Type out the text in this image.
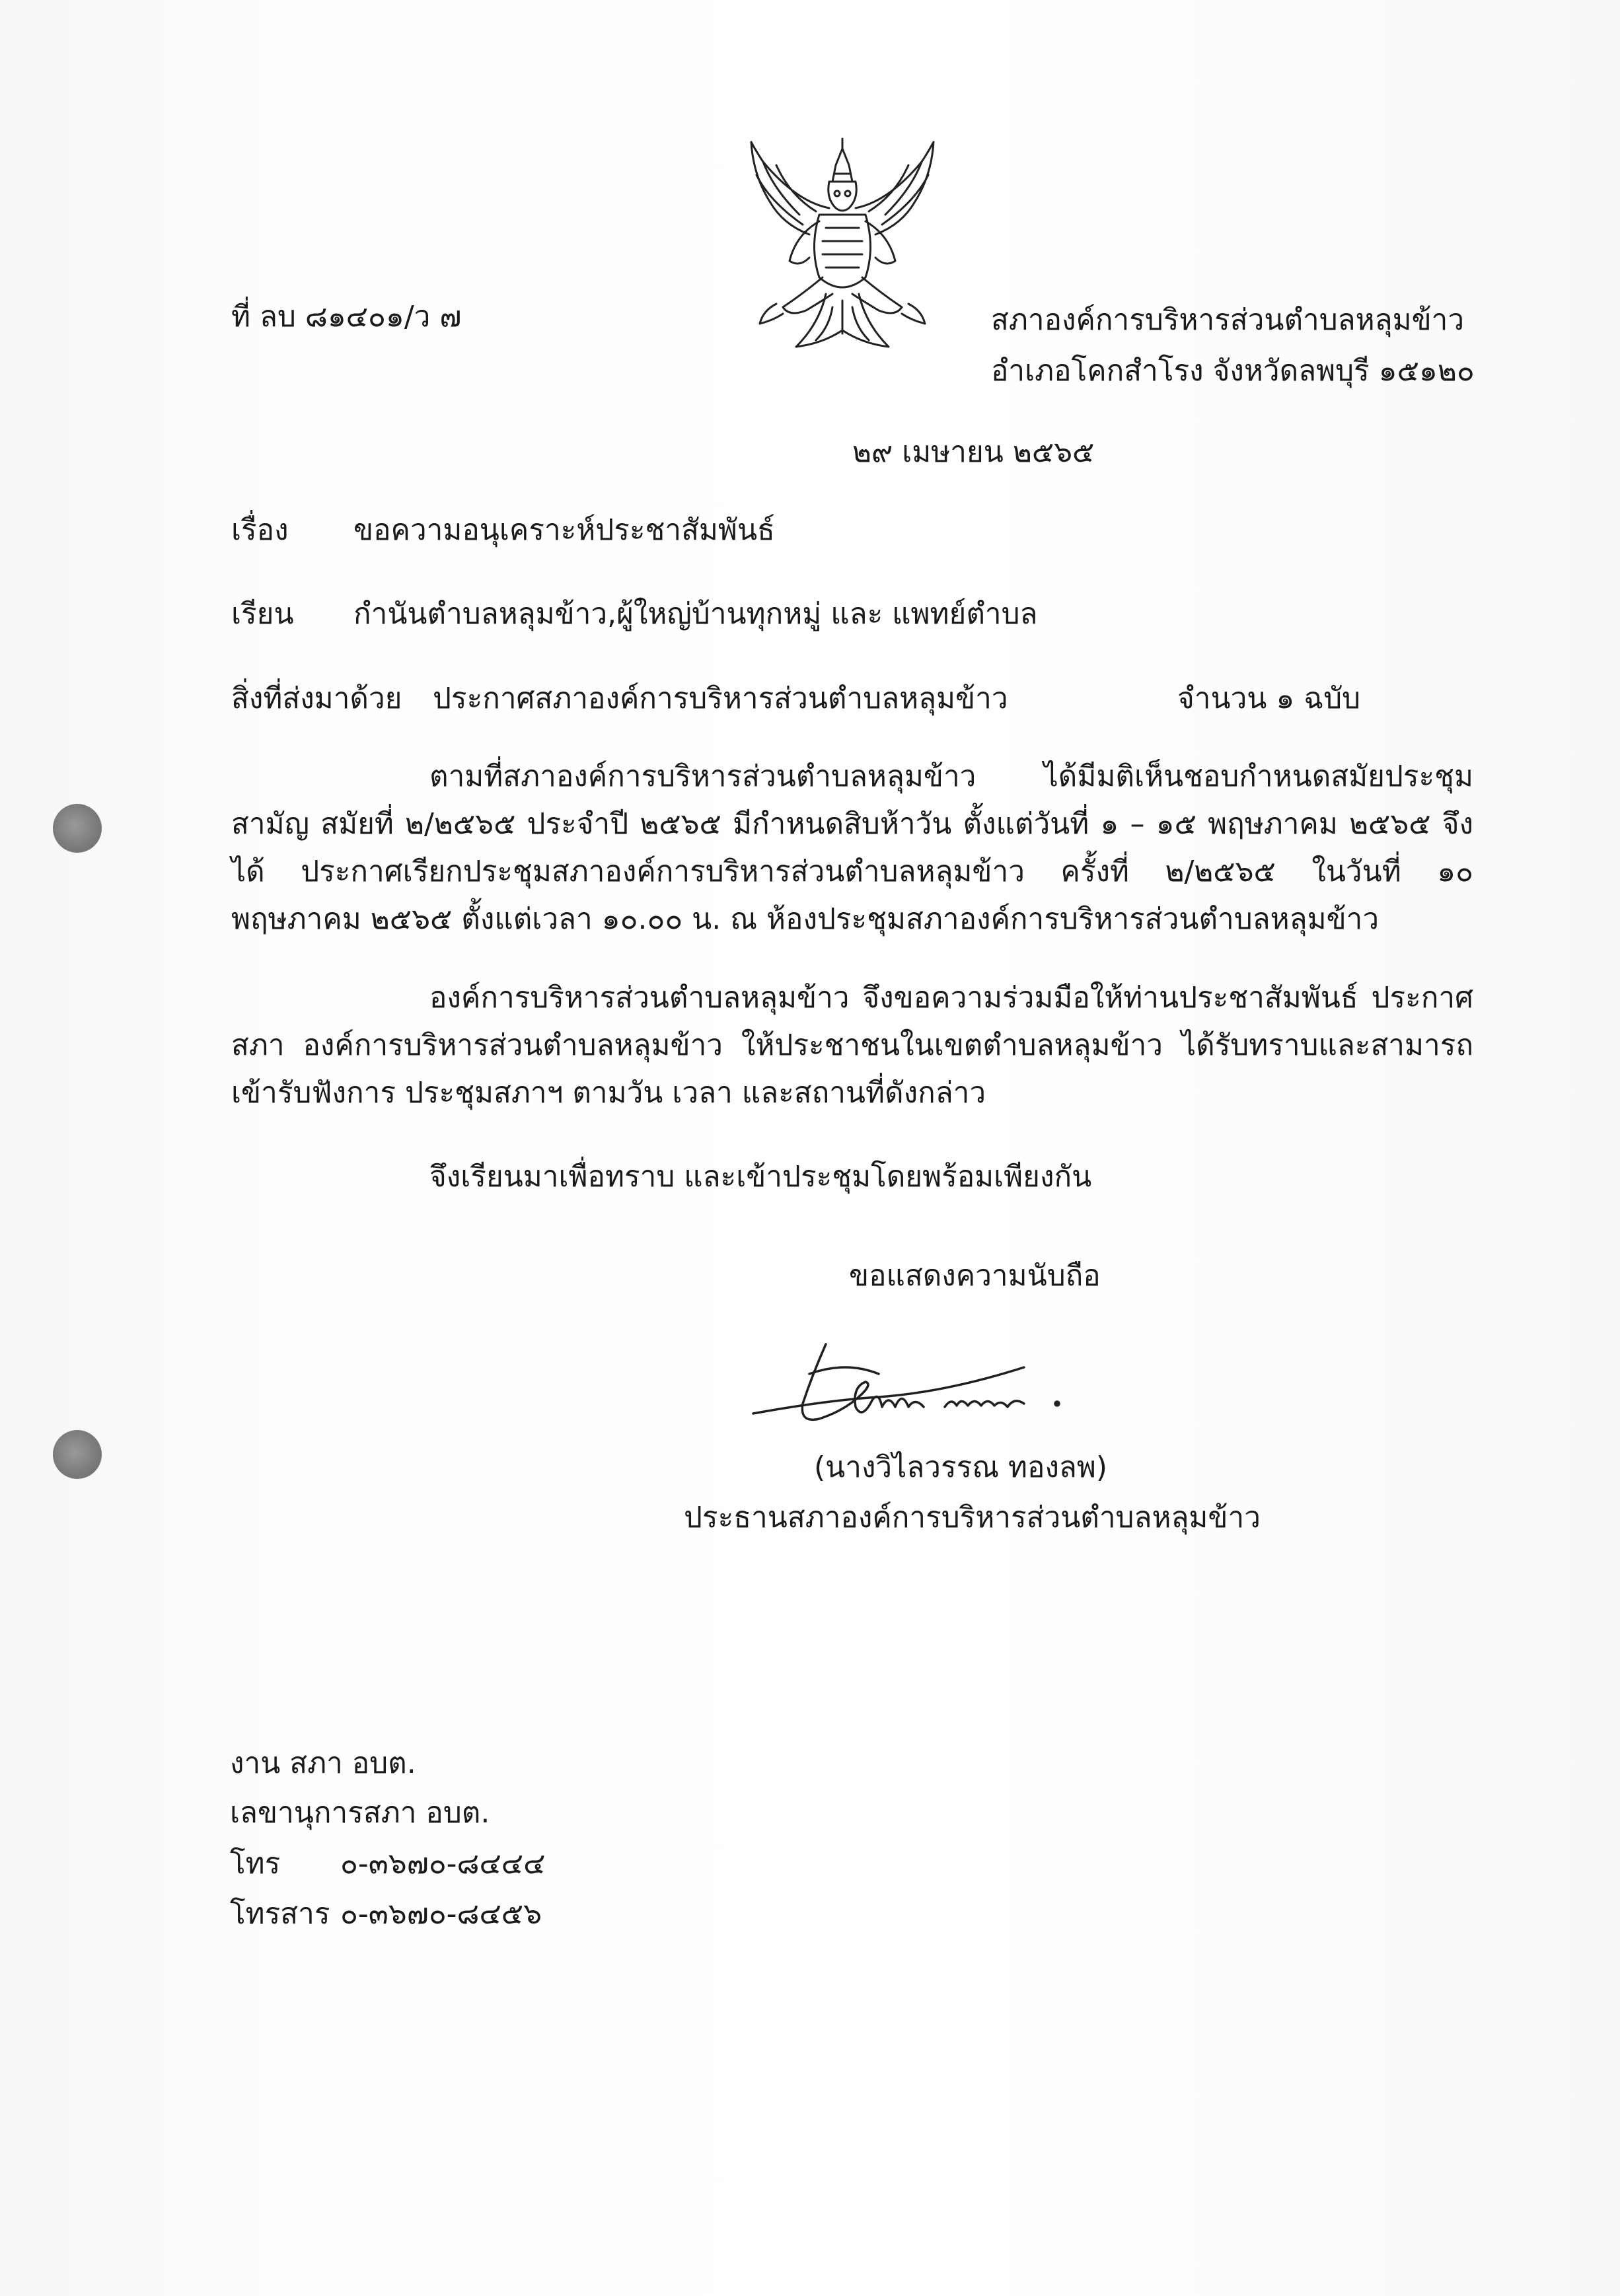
ที่ ลบ ๘๑๔๐๑/ว ๗	สภาองค์การบริหารส่วนตำบลหลุมข้าว
อำเภอโคกสำโรง จังหวัดลพบุรี ๑๕๑๒๐
๒๙ เมษายน ๒๕๖๕
เรื่อง ขอความอนุเคราะห์ประชาสัมพันธ์
เรียน กำนันตำบลหลุมข้าว,ผู้ใหญ่บ้านทุกหมู่ และ แพทย์ตำบล
สิ่งที่ส่งมาด้วย ประกาศสภาองค์การบริหารส่วนตำบลหลุมข้าว	จำนวน ๑ ฉบับ
ตามที่สภาองค์การบริหารส่วนตำบลหลุมข้าว ได้มีมติเห็นชอบกำหนดสมัยประชุมสามัญ สมัยที่ ๒/๒๕๖๕ ประจำปี ๒๕๖๕ มีกำหนดสิบห้าวัน ตั้งแต่วันที่ ๑ – ๑๕ พฤษภาคม ๒๕๖๕ จึงได้ ประกาศเรียกประชุมสภาองค์การบริหารส่วนตำบลหลุมข้าว ครั้งที่ ๒/๒๕๖๕ ในวันที่ ๑๐ พฤษภาคม ๒๕๖๕ ตั้งแต่เวลา ๑๐.๐๐ น. ณ ห้องประชุมสภาองค์การบริหารส่วนตำบลหลุมข้าว
องค์การบริหารส่วนตำบลหลุมข้าว จึงขอความร่วมมือให้ท่านประชาสัมพันธ์ ประกาศสภา องค์การบริหารส่วนตำบลหลุมข้าว ให้ประชาชนในเขตตำบลหลุมข้าว ได้รับทราบและสามารถเข้ารับฟังการ ประชุมสภาฯ ตามวัน เวลา และสถานที่ดังกล่าว
จึงเรียนมาเพื่อทราบ และเข้าประชุมโดยพร้อมเพียงกัน
ขอแสดงความนับถือ
(นางวิไลวรรณ ทองลพ)
ประธานสภาองค์การบริหารส่วนตำบลหลุมข้าว
งาน สภา อบต.
เลขานุการสภา อบต.
โทร ๐-๓๖๗๐-๘๔๔๔
โทรสาร ๐-๓๖๗๐-๘๔๕๖
